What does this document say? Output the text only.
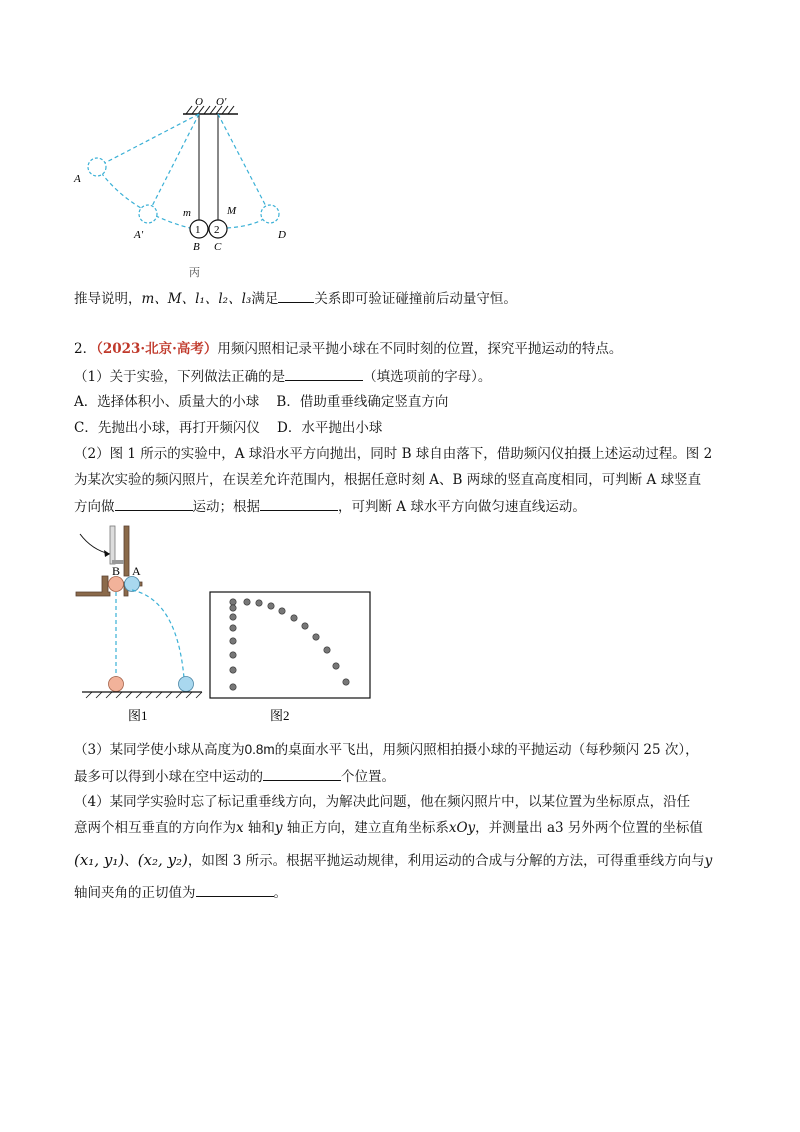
O O'
1 2
m	M
B C
A
A'	D
丙
推导说明，m、M、l₁、l₂、l₃满足	关系即可验证碰撞前后动量守恒。
2．（2023·北京·高考）用频闪照相记录平抛小球在不同时刻的位置，探究平抛运动的特点。
（1）关于实验，下列做法正确的是	（填选项前的字母）。
A．选择体积小、质量大的小球 B．借助重垂线确定竖直方向
C．先抛出小球，再打开频闪仪 D．水平抛出小球
（2）图 1 所示的实验中，A 球沿水平方向抛出，同时 B 球自由落下，借助频闪仪拍摄上述运动过程。图 2
为某次实验的频闪照片，在误差允许范围内，根据任意时刻 A、B 两球的竖直高度相同，可判断 A 球竖直
方向做	运动；根据	，可判断 A 球水平方向做匀速直线运动。
B A
图1	图2
（3）某同学使小球从高度为0.8m的桌面水平飞出，用频闪照相拍摄小球的平抛运动（每秒频闪 25 次），
最多可以得到小球在空中运动的	个位置。
（4）某同学实验时忘了标记重垂线方向，为解决此问题，他在频闪照片中，以某位置为坐标原点，沿任
意两个相互垂直的方向作为x 轴和y 轴正方向，建立直角坐标系xOy，并测量出 a3 另外两个位置的坐标值
(x₁, y₁)、(x₂, y₂)，如图 3 所示。根据平抛运动规律，利用运动的合成与分解的方法，可得重垂线方向与y
轴间夹角的正切值为	。
